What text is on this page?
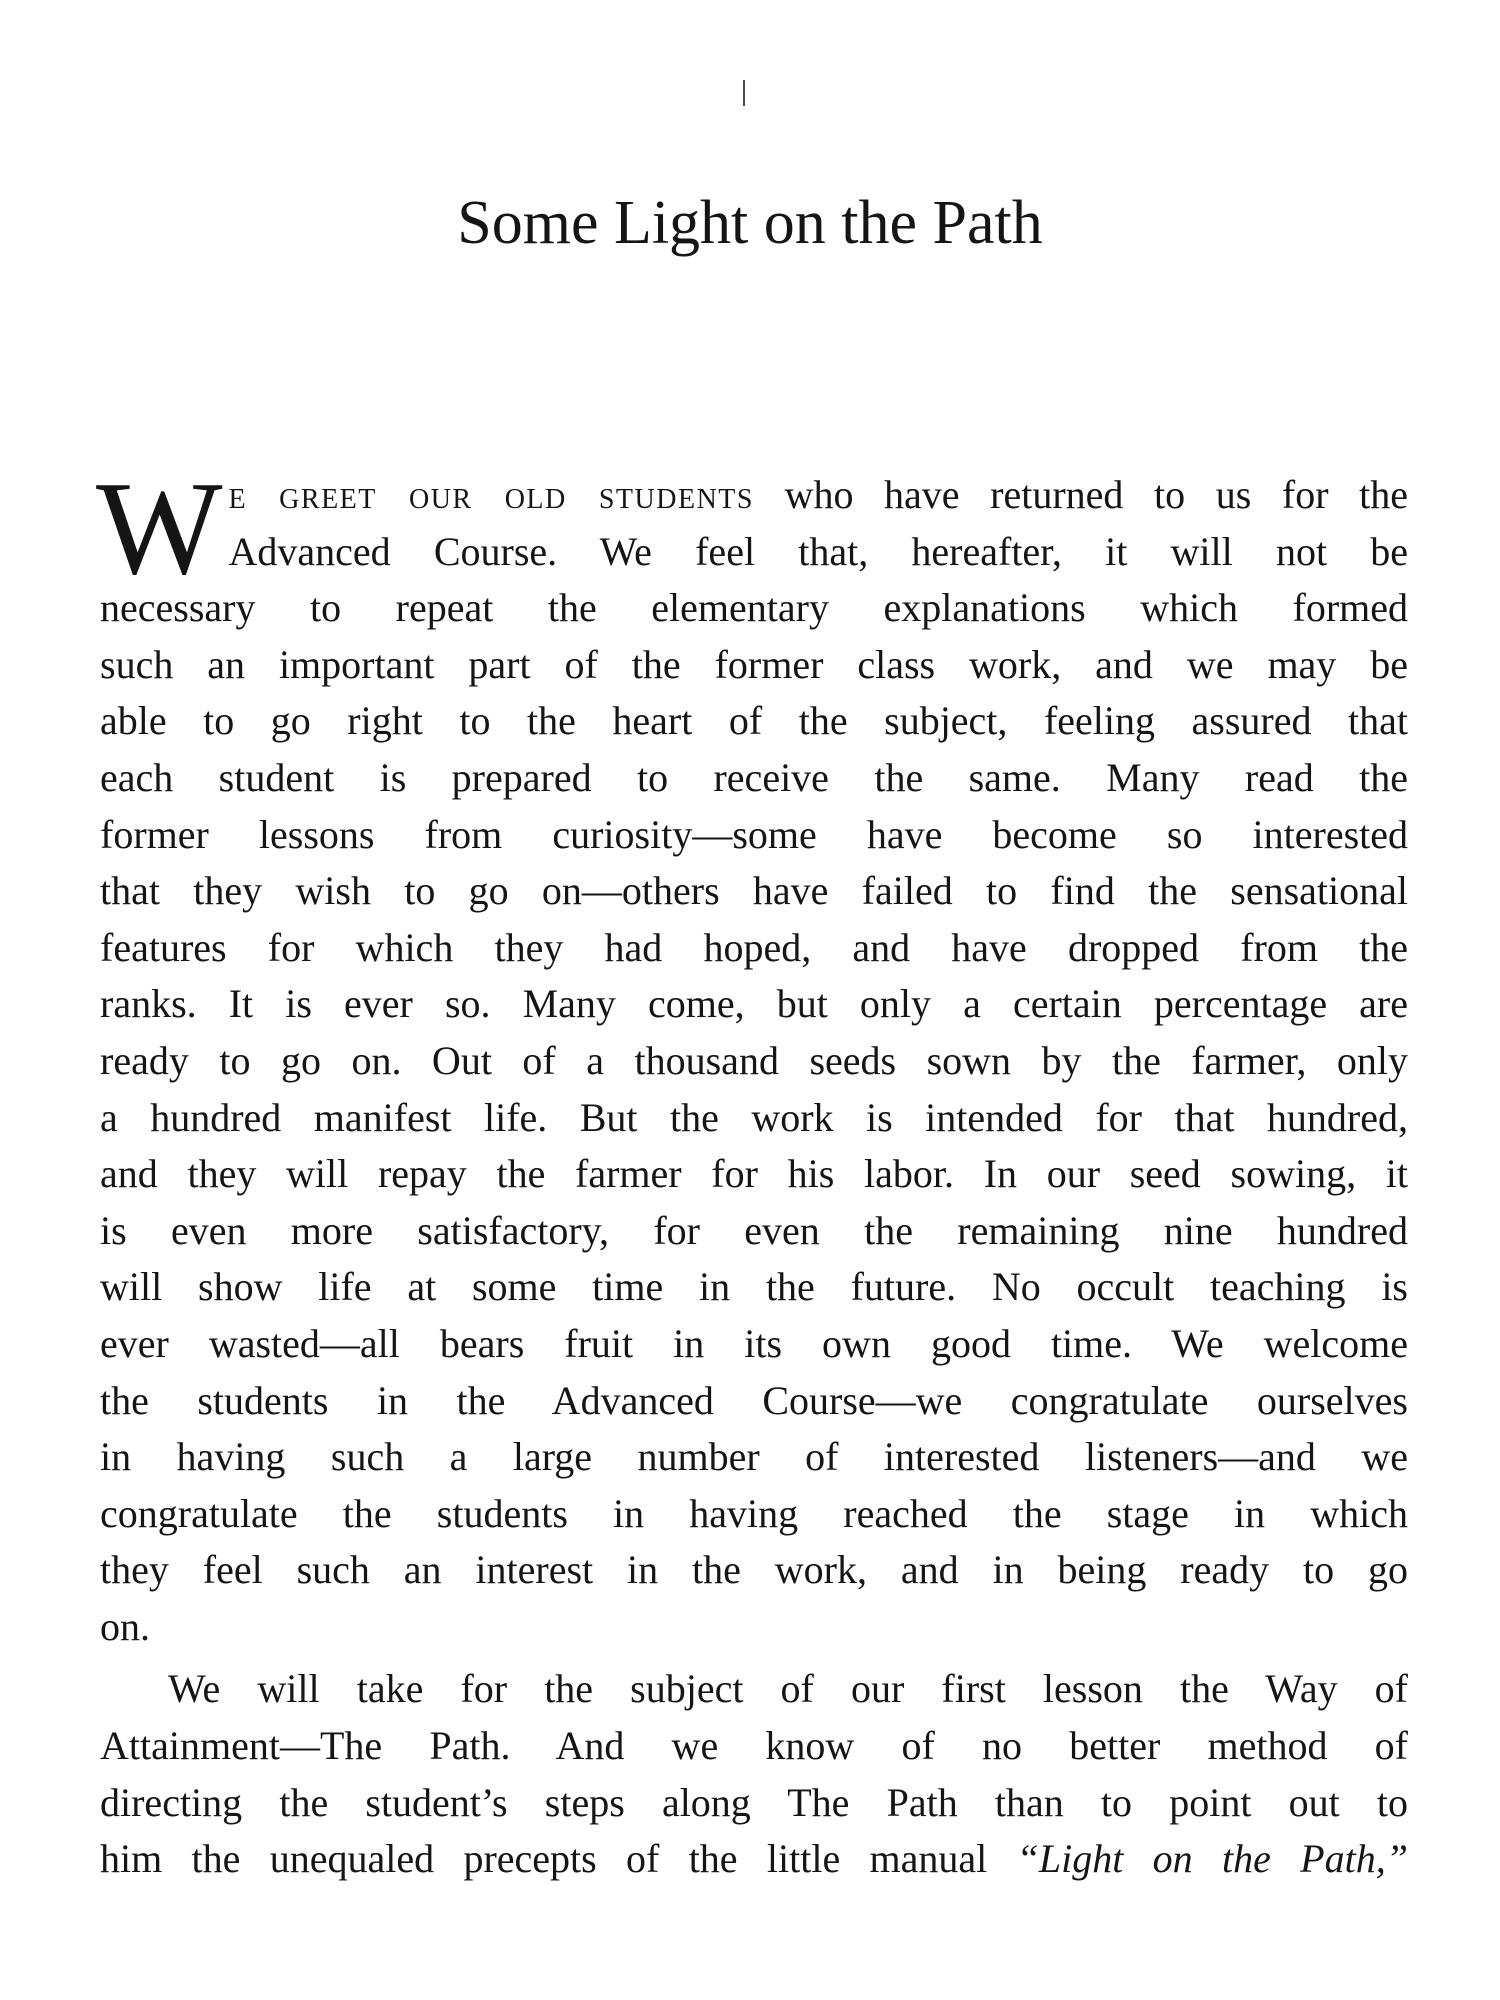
Some Light on the Path
W e greet our old students who have returned to us for the
Advanced Course. We feel that, hereafter, it will not be
necessary to repeat the elementary explanations which formed
such an important part of the former class work, and we may be
able to go right to the heart of the subject, feeling assured that
each student is prepared to receive the same. Many read the
former lessons from curiosity—some have become so interested
that they wish to go on—others have failed to find the sensational
features for which they had hoped, and have dropped from the
ranks. It is ever so. Many come, but only a certain percentage are
ready to go on. Out of a thousand seeds sown by the farmer, only
a hundred manifest life. But the work is intended for that hundred,
and they will repay the farmer for his labor. In our seed sowing, it
is even more satisfactory, for even the remaining nine hundred
will show life at some time in the future. No occult teaching is
ever wasted—all bears fruit in its own good time. We welcome
the students in the Advanced Course—we congratulate ourselves
in having such a large number of interested listeners—and we
congratulate the students in having reached the stage in which
they feel such an interest in the work, and in being ready to go
on.
We will take for the subject of our first lesson the Way of
Attainment—The Path. And we know of no better method of
directing the student’s steps along The Path than to point out to
him the unequaled precepts of the little manual “Light on the Path,”
